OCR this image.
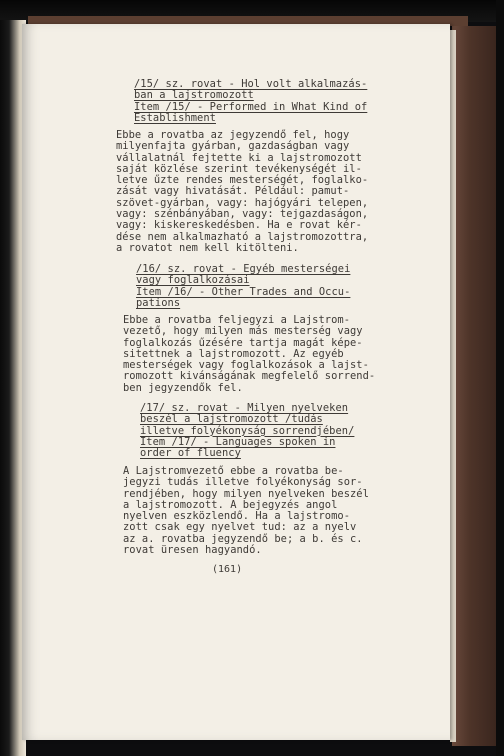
/15/ sz. rovat - Hol volt alkalmazás-
ban a lajstromozott
Item /15/ - Performed in What Kind of
Establishment
Ebbe a rovatba az jegyzendő fel, hogy
milyenfajta gyárban, gazdaságban vagy
vállalatnál fejtette ki a lajstromozott
saját közlése szerint tevékenységét il-
letve űzte rendes mesterségét, foglalko-
zását vagy hivatását. Például: pamut-
szövet-gyárban, vagy: hajógyári telepen,
vagy: szénbányában, vagy: tejgazdaságon,
vagy: kiskereskedésben. Ha e rovat kér-
dése nem alkalmazható a lajstromozottra,
a rovatot nem kell kitölteni.
/16/ sz. rovat - Egyéb mesterségei
vagy foglalkozásai
Item /16/ - Other Trades and Occu-
pations
Ebbe a rovatba feljegyzi a Lajstrom-
vezető, hogy milyen más mesterség vagy
foglalkozás űzésére tartja magát képe-
sitettnek a lajstromozott. Az egyéb
mesterségek vagy foglalkozások a lajst-
romozott kivánságának megfelelő sorrend-
ben jegyzendők fel.
/17/ sz. rovat - Milyen nyelveken
beszél a lajstromozott /tudás
illetve folyékonyság sorrendjében/
Item /17/ - Languages spoken in
order of fluency
A Lajstromvezető ebbe a rovatba be-
jegyzi tudás illetve folyékonyság sor-
rendjében, hogy milyen nyelveken beszél
a lajstromozott. A bejegyzés angol
nyelven eszközlendő. Ha a lajstromo-
zott csak egy nyelvet tud: az a nyelv
az a. rovatba jegyzendő be; a b. és c.
rovat üresen hagyandó.
(161)
